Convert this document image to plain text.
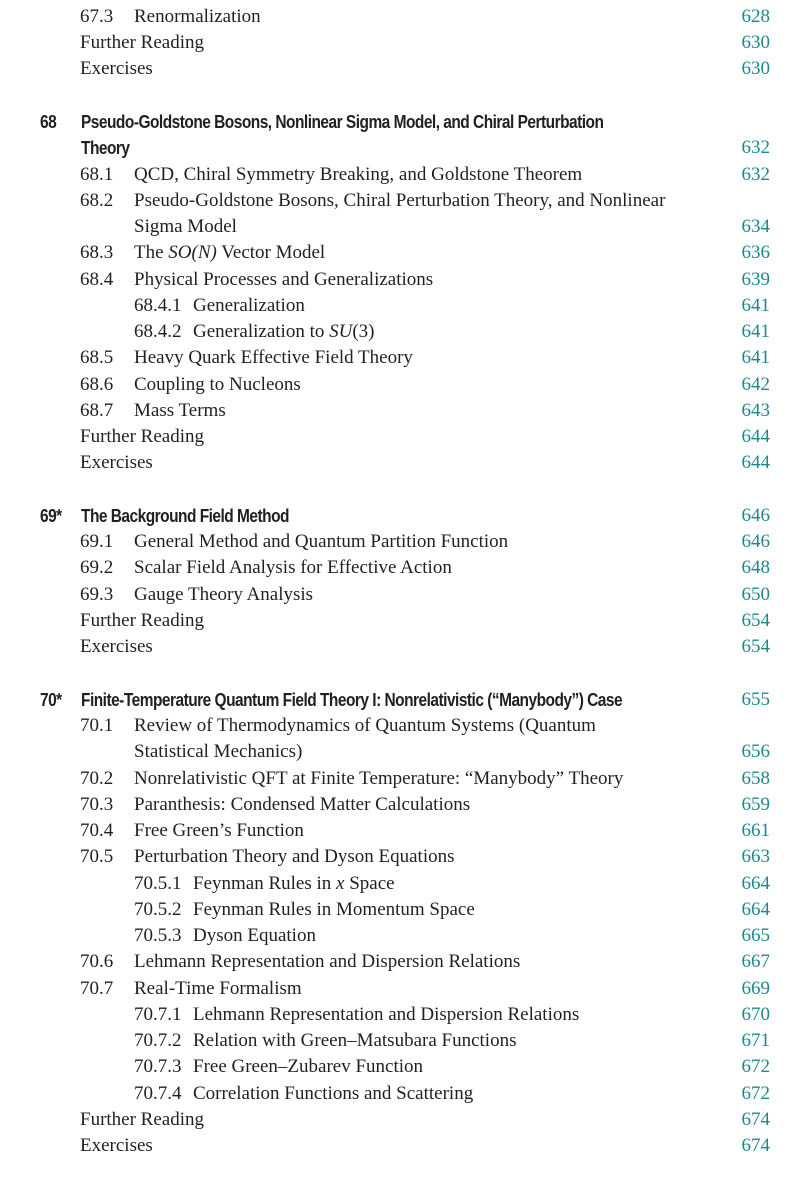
67.3 Renormalization	628
Further Reading	630
Exercises	630
68 Pseudo-Goldstone Bosons, Nonlinear Sigma Model, and Chiral Perturbation
Theory	632
68.1 QCD, Chiral Symmetry Breaking, and Goldstone Theorem	632
68.2 Pseudo-Goldstone Bosons, Chiral Perturbation Theory, and Nonlinear
Sigma Model	634
68.3 The SO(N) Vector Model	636
68.4 Physical Processes and Generalizations	639
68.4.1 Generalization	641
68.4.2 Generalization to SU(3)	641
68.5 Heavy Quark Effective Field Theory	641
68.6 Coupling to Nucleons	642
68.7 Mass Terms	643
Further Reading	644
Exercises	644
69* The Background Field Method	646
69.1 General Method and Quantum Partition Function	646
69.2 Scalar Field Analysis for Effective Action	648
69.3 Gauge Theory Analysis	650
Further Reading	654
Exercises	654
70* Finite-Temperature Quantum Field Theory I: Nonrelativistic (“Manybody”) Case	655
70.1 Review of Thermodynamics of Quantum Systems (Quantum
Statistical Mechanics)	656
70.2 Nonrelativistic QFT at Finite Temperature: “Manybody” Theory	658
70.3 Paranthesis: Condensed Matter Calculations	659
70.4 Free Green’s Function	661
70.5 Perturbation Theory and Dyson Equations	663
70.5.1 Feynman Rules in x Space	664
70.5.2 Feynman Rules in Momentum Space	664
70.5.3 Dyson Equation	665
70.6 Lehmann Representation and Dispersion Relations	667
70.7 Real-Time Formalism	669
70.7.1 Lehmann Representation and Dispersion Relations	670
70.7.2 Relation with Green–Matsubara Functions	671
70.7.3 Free Green–Zubarev Function	672
70.7.4 Correlation Functions and Scattering	672
Further Reading	674
Exercises	674
